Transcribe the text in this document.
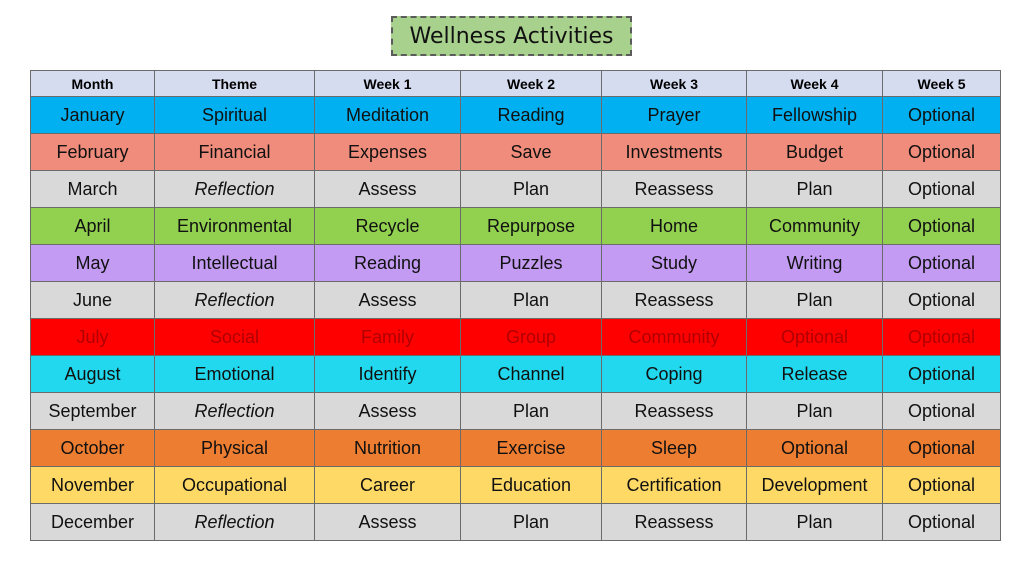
Wellness Activities
Month	Theme	Week 1	Week 2	Week 3	Week 4	Week 5
January	Spiritual	Meditation	Reading	Prayer	Fellowship	Optional
February	Financial	Expenses	Save	Investments	Budget	Optional
March	Reflection	Assess	Plan	Reassess	Plan	Optional
April	Environmental	Recycle	Repurpose	Home	Community	Optional
May	Intellectual	Reading	Puzzles	Study	Writing	Optional
June	Reflection	Assess	Plan	Reassess	Plan	Optional
July	Social	Family	Group	Community	Optional	Optional
August	Emotional	Identify	Channel	Coping	Release	Optional
September	Reflection	Assess	Plan	Reassess	Plan	Optional
October	Physical	Nutrition	Exercise	Sleep	Optional	Optional
November	Occupational	Career	Education	Certification	Development	Optional
December	Reflection	Assess	Plan	Reassess	Plan	Optional
